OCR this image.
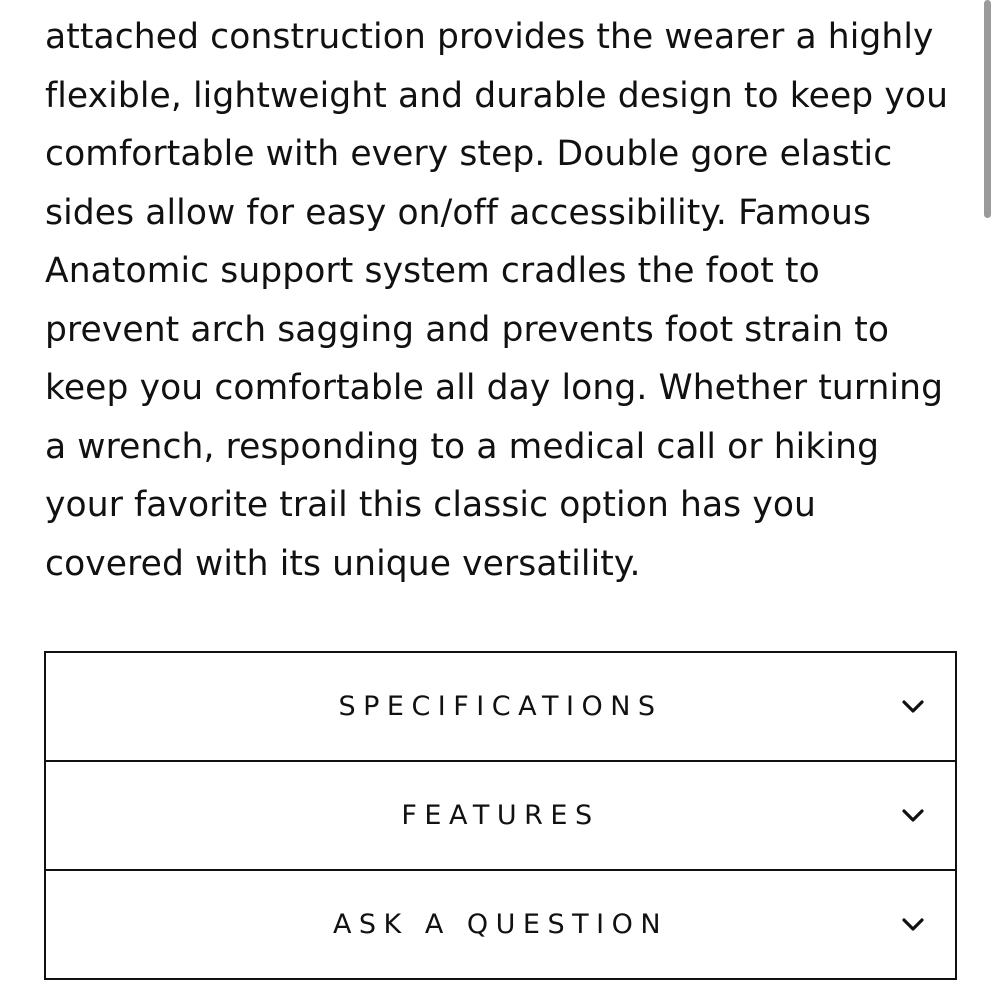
attached construction provides the wearer a highly
flexible, lightweight and durable design to keep you
comfortable with every step. Double gore elastic
sides allow for easy on/off accessibility. Famous
Anatomic support system cradles the foot to
prevent arch sagging and prevents foot strain to
keep you comfortable all day long. Whether turning
a wrench, responding to a medical call or hiking
your favorite trail this classic option has you
covered with its unique versatility.
SPECIFICATIONS
FEATURES
ASK A QUESTION
